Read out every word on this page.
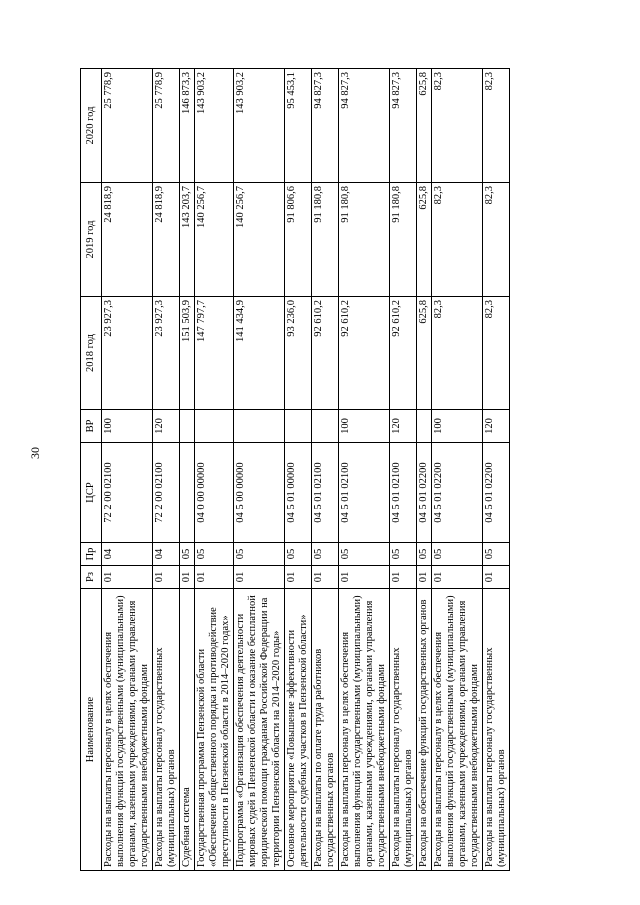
30
Наименование	Рз	Пр	ЦСР	ВР	2018 год	2019 год	2020 год
Расходы на выплаты персоналу в целях обеспечения выполнения функций государственными (муниципальными) органами, казенными учреждениями, органами управления государственными внебюджетными фондами	01	04	72 2 00 02100	100	23 927,3	24 818,9	25 778,9
Расходы на выплаты персоналу государственных (муниципальных) органов	01	04	72 2 00 02100	120	23 927,3	24 818,9	25 778,9
Судебная система	01	05			151 503,9	143 203,7	146 873,3
Государственная программа Пензенской области «Обеспечение общественного порядка и противодействие преступности в Пензенской области в 2014–2020 годах»	01	05	04 0 00 00000		147 797,7	140 256,7	143 903,2
Подпрограмма «Организация обеспечения деятельности мировых судей в Пензенской области и оказание бесплатной юридической помощи гражданам Российской Федерации на территории Пензенской области на 2014–2020 годы»	01	05	04 5 00 00000		141 434,9	140 256,7	143 903,2
Основное мероприятие «Повышение эффективности деятельности судебных участков в Пензенской области»	01	05	04 5 01 00000		93 236,0	91 806,6	95 453,1
Расходы на выплаты по оплате труда работников государственных органов	01	05	04 5 01 02100		92 610,2	91 180,8	94 827,3
Расходы на выплаты персоналу в целях обеспечения выполнения функций государственными (муниципальными) органами, казенными учреждениями, органами управления государственными внебюджетными фондами	01	05	04 5 01 02100	100	92 610,2	91 180,8	94 827,3
Расходы на выплаты персоналу государственных (муниципальных) органов	01	05	04 5 01 02100	120	92 610,2	91 180,8	94 827,3
Расходы на обеспечение функций государственных органов	01	05	04 5 01 02200		625,8	625,8	625,8
Расходы на выплаты персоналу в целях обеспечения выполнения функций государственными (муниципальными) органами, казенными учреждениями, органами управления государственными внебюджетными фондами	01	05	04 5 01 02200	100	82,3	82,3	82,3
Расходы на выплаты персоналу государственных (муниципальных) органов	01	05	04 5 01 02200	120	82,3	82,3	82,3
